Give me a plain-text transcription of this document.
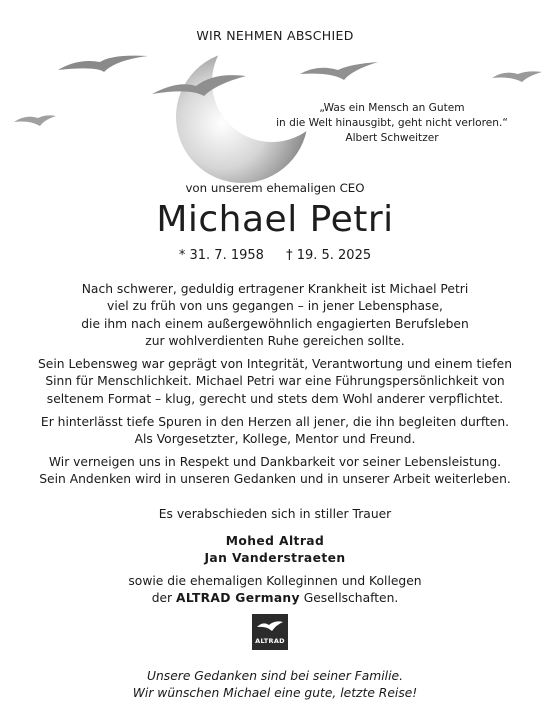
WIR NEHMEN ABSCHIED
„Was ein Mensch an Gutem
in die Welt hinausgibt, geht nicht verloren.“
Albert Schweitzer
von unserem ehemaligen CEO
Michael Petri
* 31. 7. 1958 † 19. 5. 2025
Nach schwerer, geduldig ertragener Krankheit ist Michael Petri
viel zu früh von uns gegangen – in jener Lebensphase,
die ihm nach einem außergewöhnlich engagierten Berufsleben
zur wohlverdienten Ruhe gereichen sollte.
Sein Lebensweg war geprägt von Integrität, Verantwortung und einem tiefen
Sinn für Menschlichkeit. Michael Petri war eine Führungspersönlichkeit von
seltenem Format – klug, gerecht und stets dem Wohl anderer verpflichtet.
Er hinterlässt tiefe Spuren in den Herzen all jener, die ihn begleiten durften.
Als Vorgesetzter, Kollege, Mentor und Freund.
Wir verneigen uns in Respekt und Dankbarkeit vor seiner Lebensleistung.
Sein Andenken wird in unseren Gedanken und in unserer Arbeit weiterleben.
Es verabschieden sich in stiller Trauer
Mohed Altrad
Jan Vanderstraeten
sowie die ehemaligen Kolleginnen und Kollegen
der ALTRAD Germany Gesellschaften.
ALTRAD
Unsere Gedanken sind bei seiner Familie.
Wir wünschen Michael eine gute, letzte Reise!
